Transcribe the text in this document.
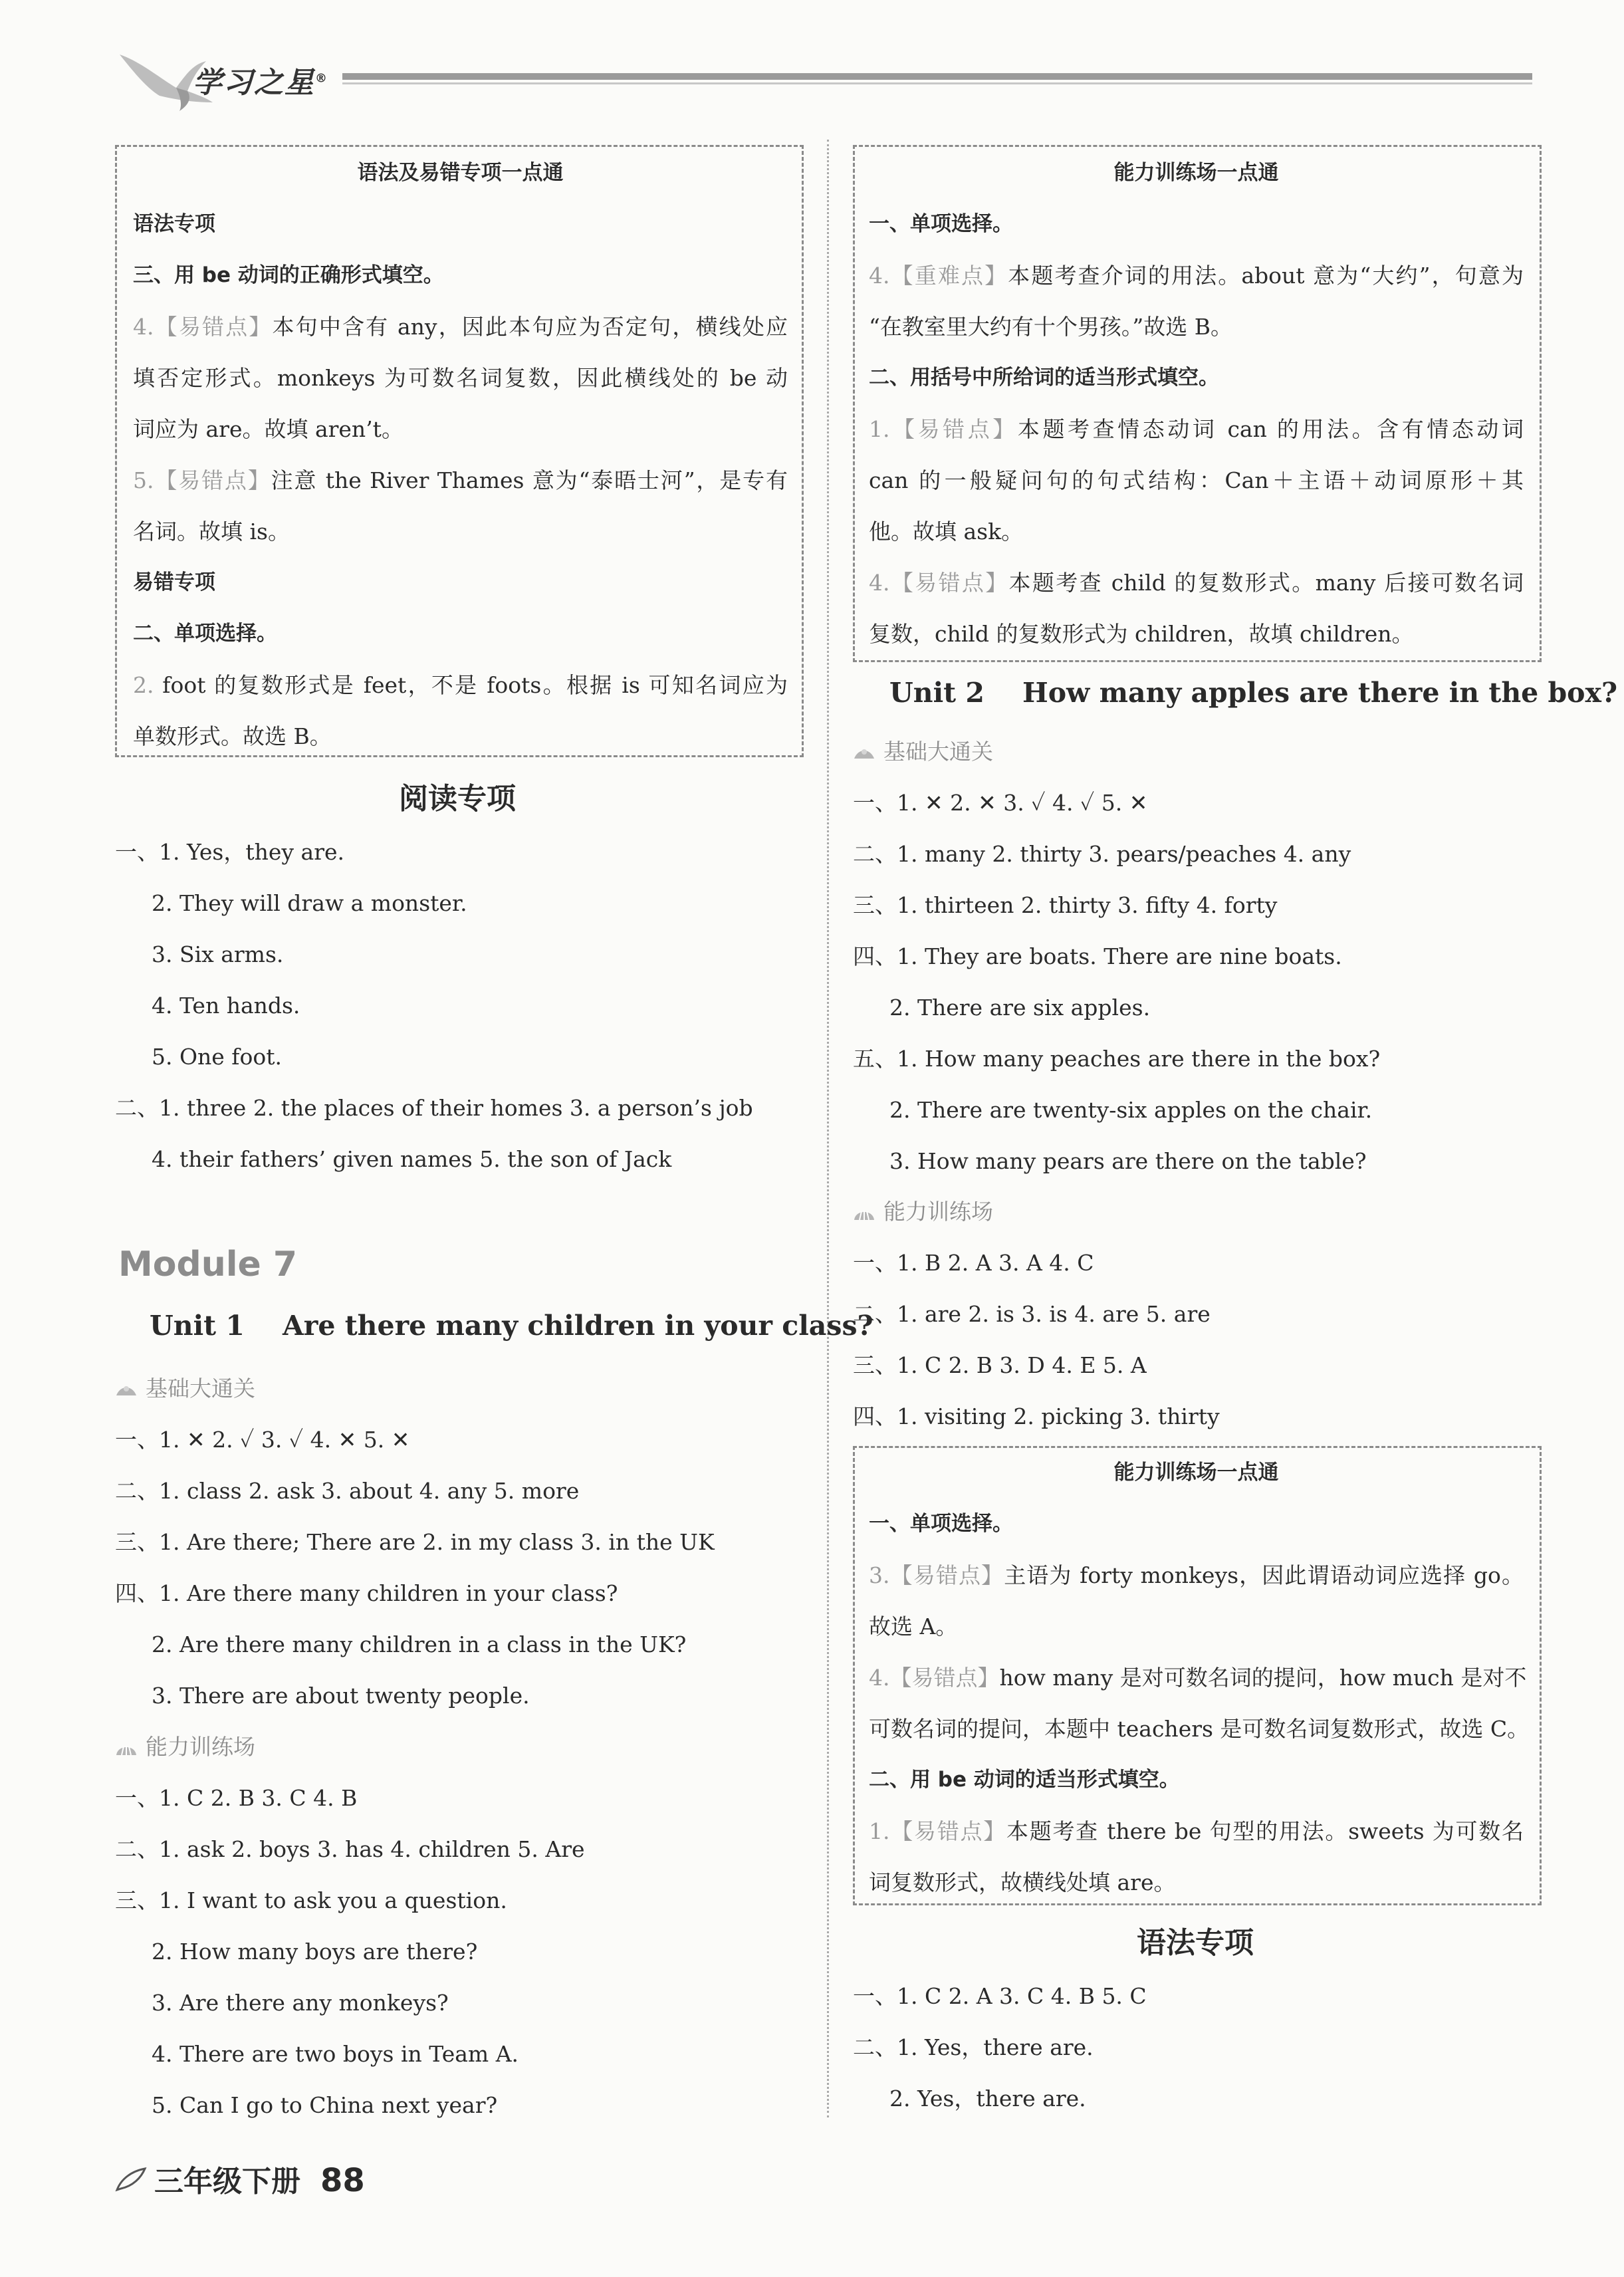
学习之星®
语法及易错专项一点通
语法专项
三、用 be 动词的正确形式填空。
4.【易错点】本句中含有 any，因此本句应为否定句，横线处应
填否定形式。monkeys 为可数名词复数，因此横线处的 be 动
词应为 are。故填 aren’t。
5.【易错点】注意 the River Thames 意为“泰晤士河”，是专有
名词。故填 is。
易错专项
二、单项选择。
2. foot 的复数形式是 feet，不是 foots。根据 is 可知名词应为
单数形式。故选 B。
阅读专项
一、1. Yes，they are.
2. They will draw a monster.
3. Six arms.
4. Ten hands.
5. One foot.
二、1. three 2. the places of their homes 3. a person’s job
4. their fathers’ given names 5. the son of Jack
Module 7
Unit 1    Are there many children in your class?
基础大通关
一、1. ✕ 2. ✓ 3. ✓ 4. ✕ 5. ✕
二、1. class 2. ask 3. about 4. any 5. more
三、1. Are there; There are 2. in my class 3. in the UK
四、1. Are there many children in your class?
2. Are there many children in a class in the UK?
3. There are about twenty people.
能力训练场
一、1. C 2. B 3. C 4. B
二、1. ask 2. boys 3. has 4. children 5. Are
三、1. I want to ask you a question.
2. How many boys are there?
3. Are there any monkeys?
4. There are two boys in Team A.
5. Can I go to China next year?
能力训练场一点通
一、单项选择。
4.【重难点】本题考查介词的用法。about 意为“大约”，句意为
“在教室里大约有十个男孩。”故选 B。
二、用括号中所给词的适当形式填空。
1.【易错点】本题考查情态动词 can 的用法。含有情态动词
can 的一般疑问句的句式结构：Can＋主语＋动词原形＋其
他。故填 ask。
4.【易错点】本题考查 child 的复数形式。many 后接可数名词
复数，child 的复数形式为 children，故填 children。
Unit 2    How many apples are there in the box?
基础大通关
一、1. ✕ 2. ✕ 3. ✓ 4. ✓ 5. ✕
二、1. many 2. thirty 3. pears/peaches 4. any
三、1. thirteen 2. thirty 3. fifty 4. forty
四、1. They are boats. There are nine boats.
2. There are six apples.
五、1. How many peaches are there in the box?
2. There are twenty-six apples on the chair.
3. How many pears are there on the table?
能力训练场
一、1. B 2. A 3. A 4. C
二、1. are 2. is 3. is 4. are 5. are
三、1. C 2. B 3. D 4. E 5. A
四、1. visiting 2. picking 3. thirty
能力训练场一点通
一、单项选择。
3.【易错点】主语为 forty monkeys，因此谓语动词应选择 go。
故选 A。
4.【易错点】how many 是对可数名词的提问，how much 是对不
可数名词的提问，本题中 teachers 是可数名词复数形式，故选 C。
二、用 be 动词的适当形式填空。
1.【易错点】本题考查 there be 句型的用法。sweets 为可数名
词复数形式，故横线处填 are。
语法专项
一、1. C 2. A 3. C 4. B 5. C
二、1. Yes，there are.
2. Yes，there are.
三年级下册 88
